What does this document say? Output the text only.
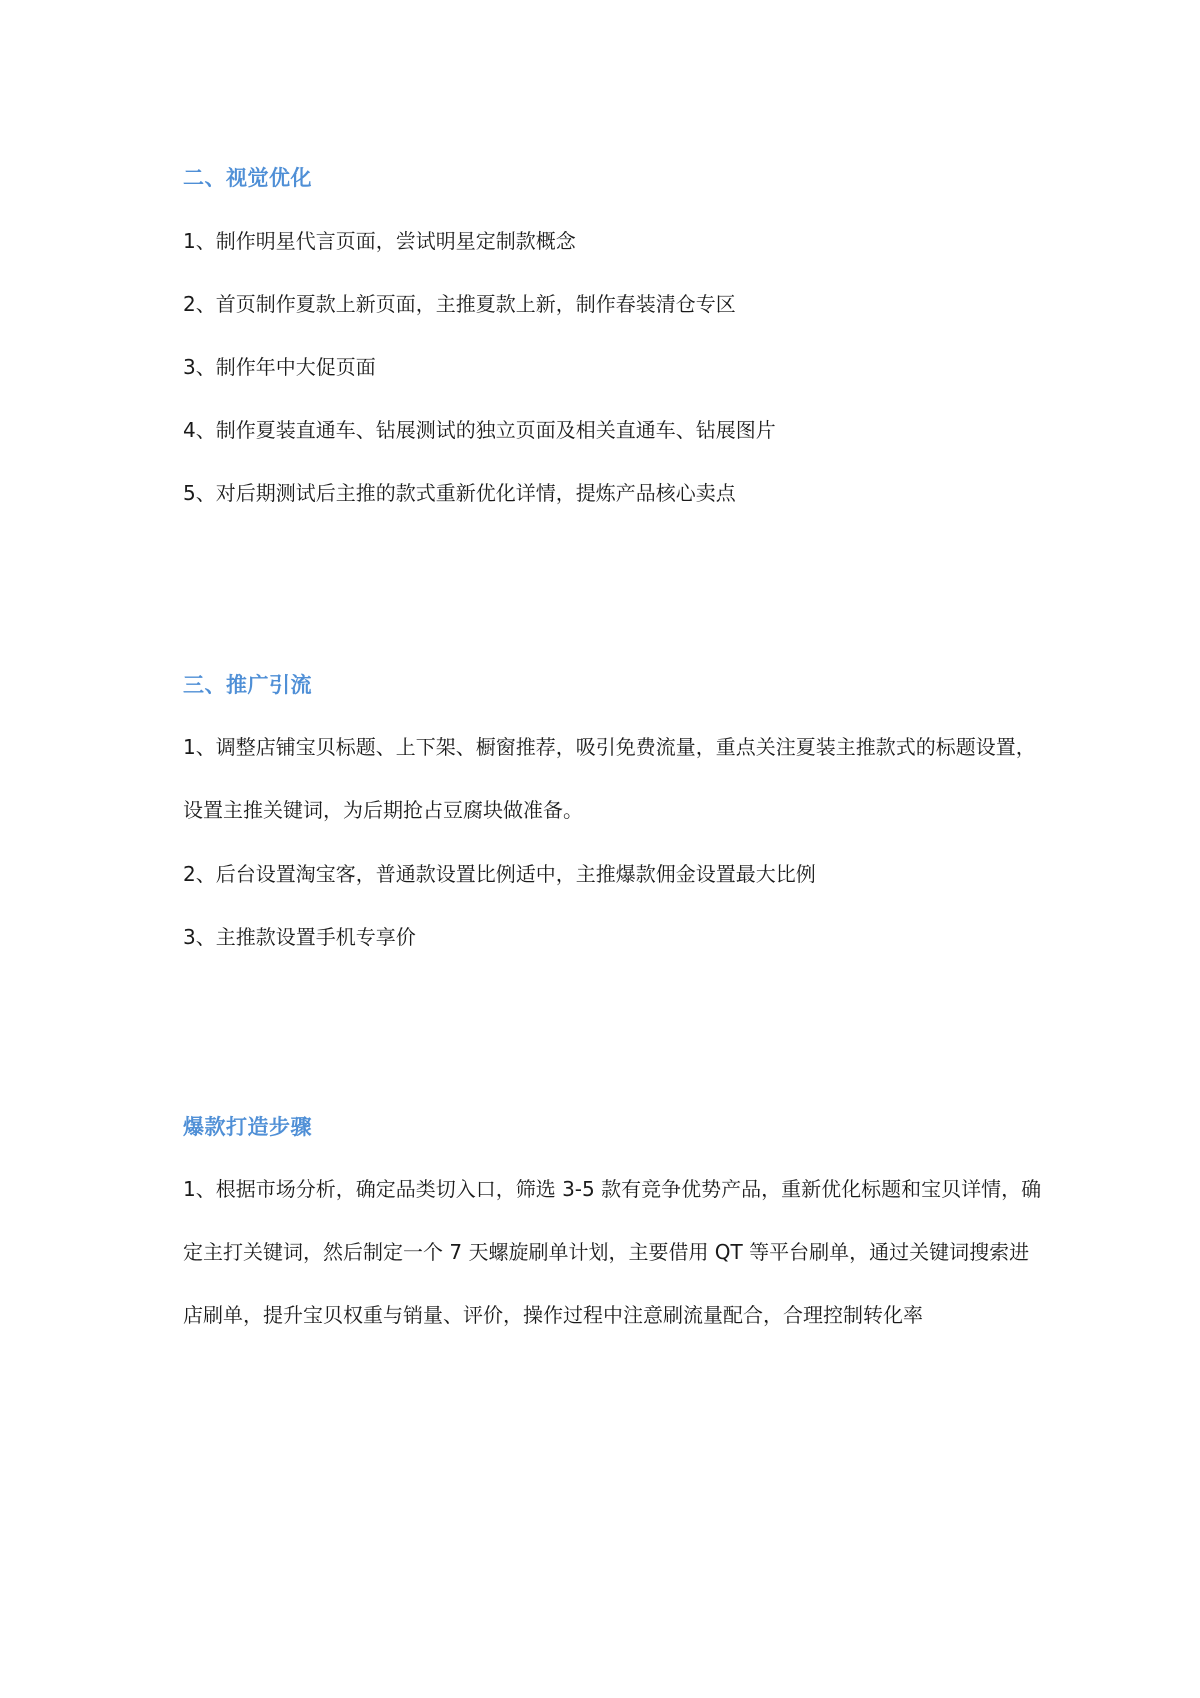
二、视觉优化
1、制作明星代言页面，尝试明星定制款概念
2、首页制作夏款上新页面，主推夏款上新，制作春装清仓专区
3、制作年中大促页面
4、制作夏装直通车、钻展测试的独立页面及相关直通车、钻展图片
5、对后期测试后主推的款式重新优化详情，提炼产品核心卖点
三、推广引流
1、调整店铺宝贝标题、上下架、橱窗推荐，吸引免费流量，重点关注夏装主推款式的标题设置，设置主推关键词，为后期抢占豆腐块做准备。
2、后台设置淘宝客，普通款设置比例适中，主推爆款佣金设置最大比例
3、主推款设置手机专享价
爆款打造步骤
1、根据市场分析，确定品类切入口，筛选 3-5 款有竞争优势产品，重新优化标题和宝贝详情，确定主打关键词，然后制定一个 7 天螺旋刷单计划，主要借用 QT 等平台刷单，通过关键词搜索进店刷单，提升宝贝权重与销量、评价，操作过程中注意刷流量配合，合理控制转化率
